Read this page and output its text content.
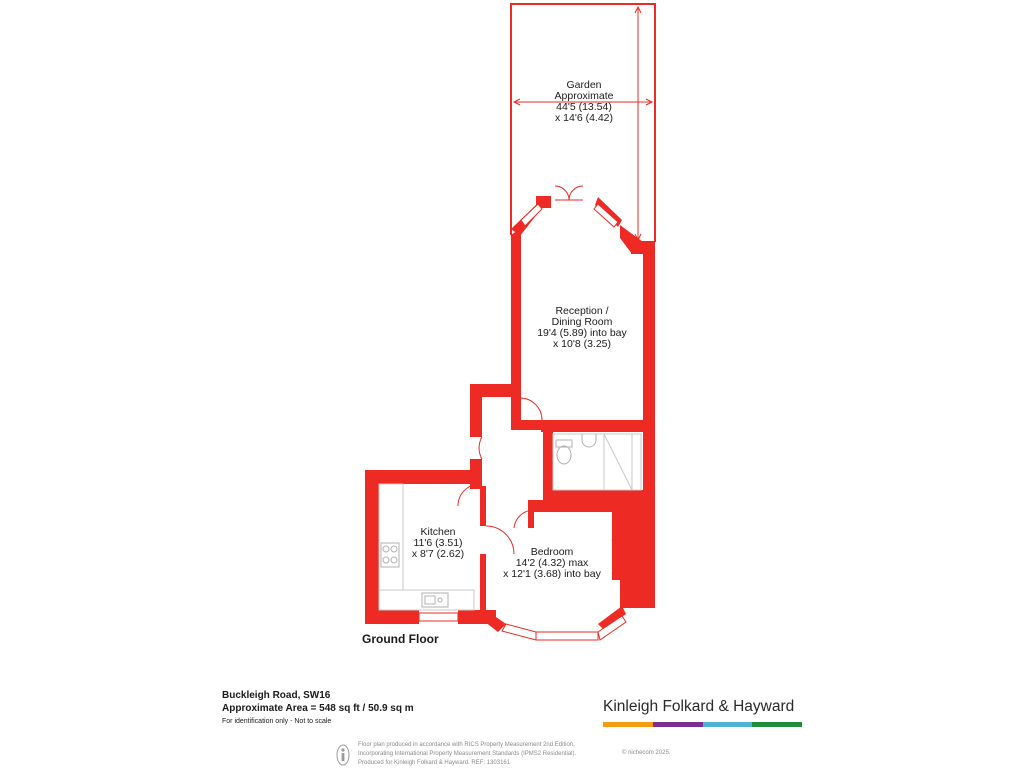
Garden
Approximate
44'5 (13.54)
x 14'6 (4.42)
Reception /
Dining Room
19'4 (5.89) into bay
x 10'8 (3.25)
Kitchen
11'6 (3.51)
x 8'7 (2.62)	Bedroom
14'2 (4.32) max
x 12'1 (3.68) into bay
Ground Floor
Buckleigh Road, SW16
Approximate Area = 548 sq ft / 50.9 sq m
For identification only - Not to scale
Kinleigh Folkard & Hayward
Floor plan produced in accordance with RICS Property Measurement 2nd Edition,
Incorporating International Property Measurement Standards (IPMS2 Residential).
Produced for Kinleigh Folkard & Hayward. REF: 1303161
© nichecom 2025.
